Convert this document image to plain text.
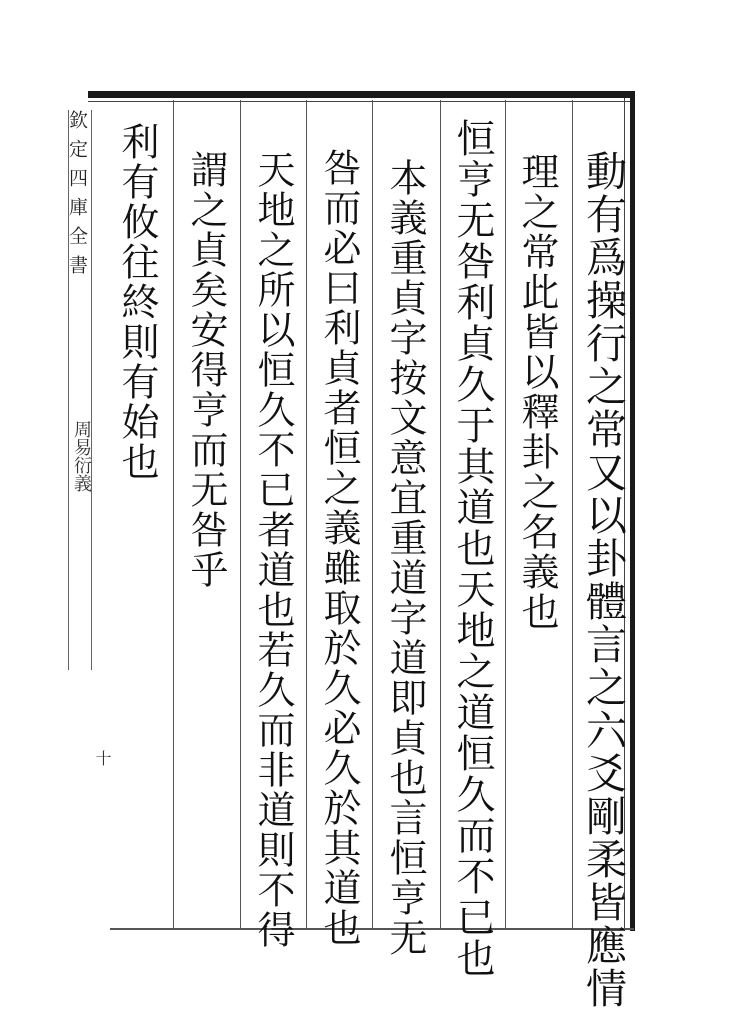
欽定四庫全書

十
周易衍義	動有爲操行之常又以卦體言之六爻剛柔皆應情
理之常此皆以釋卦之名義也
恒亨无咎利貞久于其道也天地之道恒久而不已也
本義重貞字按文意宜重道字道即貞也言恒亨无
咎而必曰利貞者恒之義雖取於久必久於其道也
天地之所以恒久不已者道也若久而非道則不得
謂之貞矣安得亨而无咎乎
利有攸往終則有始也
